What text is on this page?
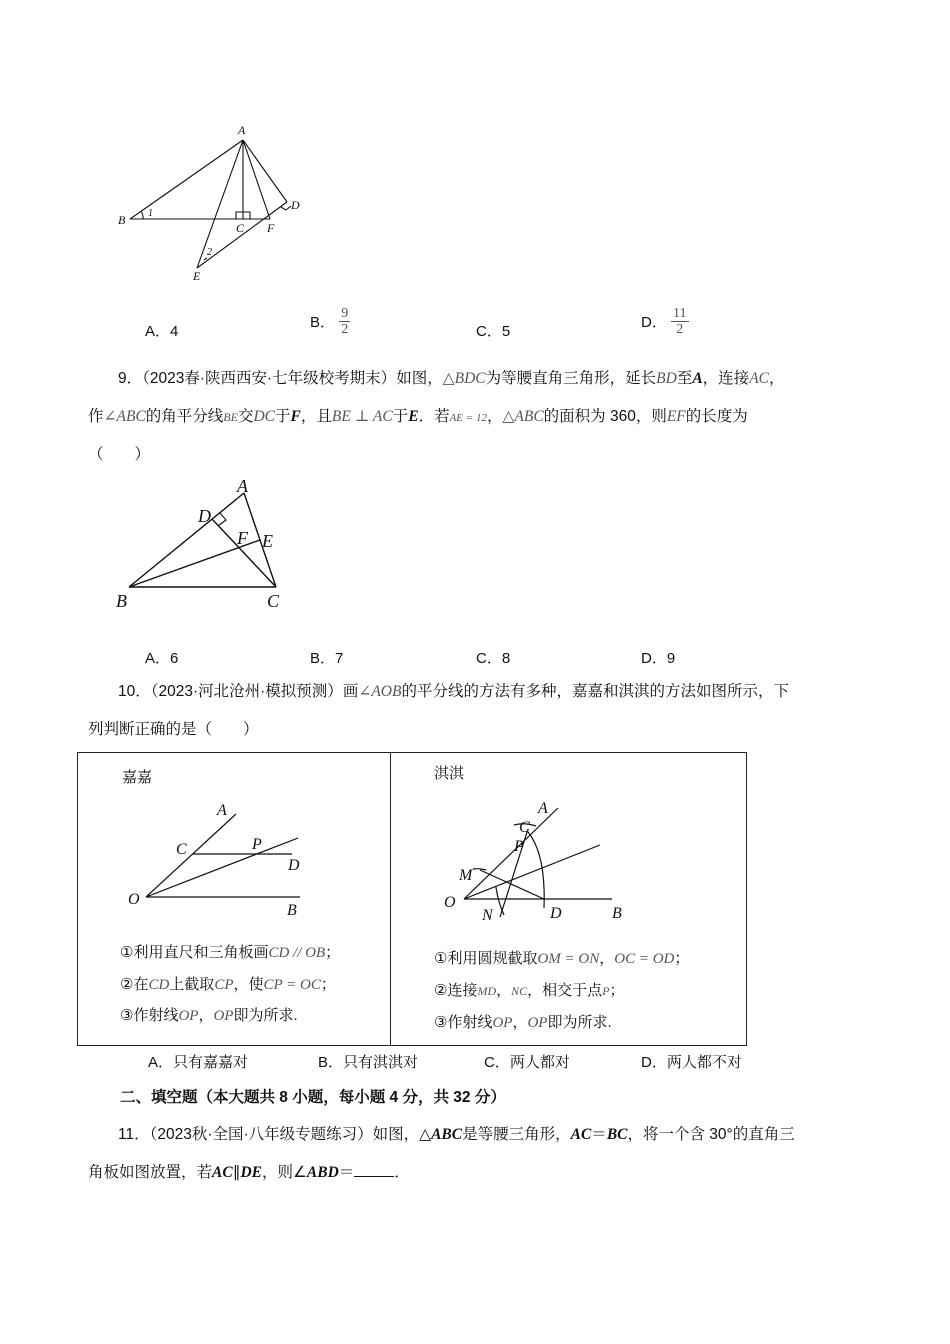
A
B
C
D
E
F
1
2
A．4
B． $\frac{9}{2}$	C．5
D． $\frac{11}{2}$
9．（2023春·陕西西安·七年级校考期末）如图，△BDC为等腰直角三角形，延长BD至A，连接AC，
作∠ABC的角平分线BE交DC于F，且BE ⊥ AC于E．若AE = 12，△ABC的面积为 360，则EF的长度为
（　　）
A
B	C
D
E
F
A．6	B．7	C．8	D．9
10．（2023·河北沧州·模拟预测）画∠AOB的平分线的方法有多种，嘉嘉和淇淇的方法如图所示，下
列判断正确的是（　　）
嘉嘉
A
B
C
D
O
P
①利用直尺和三角板画CD // OB；
②在CD上截取CP，使CP = OC；
③作射线OP，OP即为所求.
淇淇
A
B
C
D
O
P
M
N
①利用圆规截取OM = ON，OC = OD；
②连接MD，NC，相交于点P；
③作射线OP，OP即为所求.
A．只有嘉嘉对	B．只有淇淇对	C．两人都对	D．两人都不对
二、填空题（本大题共 8 小题，每小题 4 分，共 32 分）
11．（2023秋·全国·八年级专题练习）如图，△ABC是等腰三角形，AC＝BC，将一个含 30°的直角三
角板如图放置，若AC∥DE，则∠ABD＝	．
